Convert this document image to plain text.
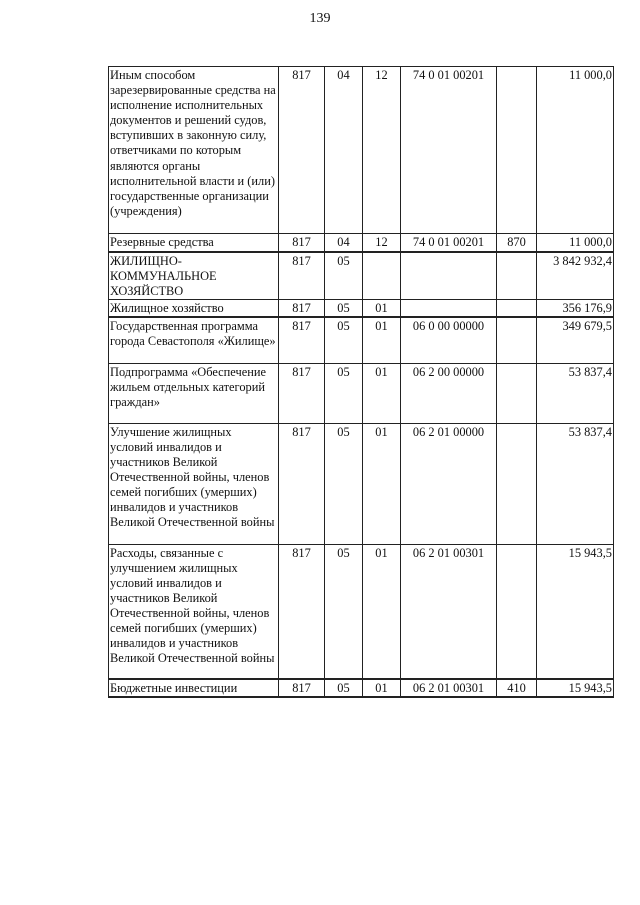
139
Иным способом зарезервированные средства на исполнение исполнительных документов и решений судов, вступивших в законную силу, ответчиками по которым являются органы исполнительной власти и (или) государственные организации (учреждения)	817	04	12	74 0 01 00201		11 000,0
Резервные средства	817	04	12	74 0 01 00201	870	11 000,0
ЖИЛИЩНО-КОММУНАЛЬНОЕ ХОЗЯЙСТВО	817	05				3 842 932,4
Жилищное хозяйство	817	05	01			356 176,9
Государственная программа города Севастополя «Жилище»	817	05	01	06 0 00 00000		349 679,5
Подпрограмма «Обеспечение жильем отдельных категорий граждан»	817	05	01	06 2 00 00000		53 837,4
Улучшение жилищных условий инвалидов и участников Великой Отечественной войны, членов семей погибших (умерших) инвалидов и участников Великой Отечественной войны	817	05	01	06 2 01 00000		53 837,4
Расходы, связанные с улучшением жилищных условий инвалидов и участников Великой Отечественной войны, членов семей погибших (умерших) инвалидов и участников Великой Отечественной войны	817	05	01	06 2 01 00301		15 943,5
Бюджетные инвестиции	817	05	01	06 2 01 00301	410	15 943,5
